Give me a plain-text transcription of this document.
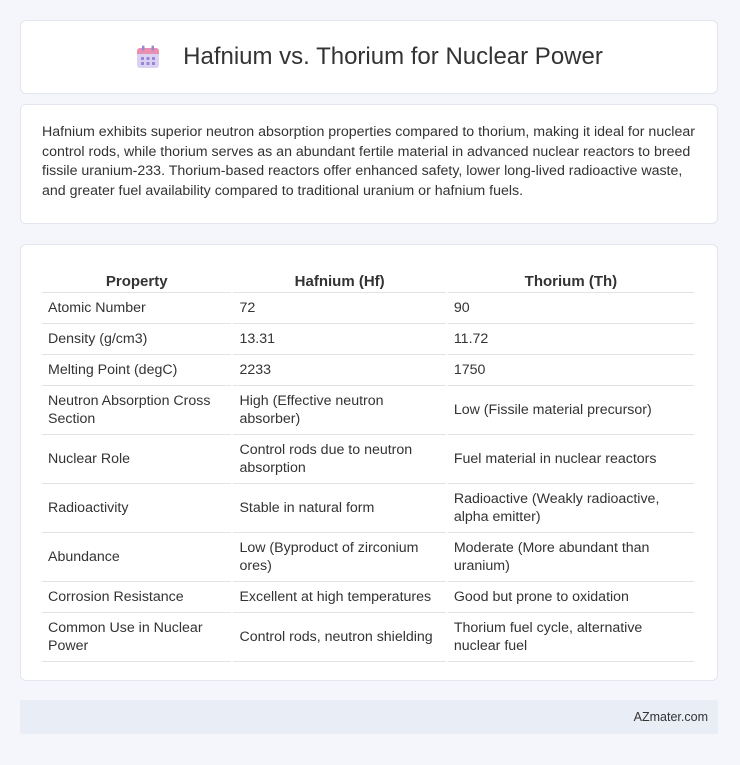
Hafnium vs. Thorium for Nuclear Power

Hafnium exhibits superior neutron absorption properties compared to thorium, making it ideal for nuclear control rods, while thorium serves as an abundant fertile material in advanced nuclear reactors to breed fissile uranium-233. Thorium-based reactors offer enhanced safety, lower long-lived radioactive waste, and greater fuel availability compared to traditional uranium or hafnium fuels.

Property	Hafnium (Hf)	Thorium (Th)
Atomic Number	72	90
Density (g/cm3)	13.31	11.72
Melting Point (degC)	2233	1750
Neutron Absorption Cross Section	High (Effective neutron absorber)	Low (Fissile material precursor)
Nuclear Role	Control rods due to neutron absorption	Fuel material in nuclear reactors
Radioactivity	Stable in natural form	Radioactive (Weakly radioactive, alpha emitter)
Abundance	Low (Byproduct of zirconium ores)	Moderate (More abundant than uranium)
Corrosion Resistance	Excellent at high temperatures	Good but prone to oxidation
Common Use in Nuclear Power	Control rods, neutron shielding	Thorium fuel cycle, alternative nuclear fuel
AZmater.com
